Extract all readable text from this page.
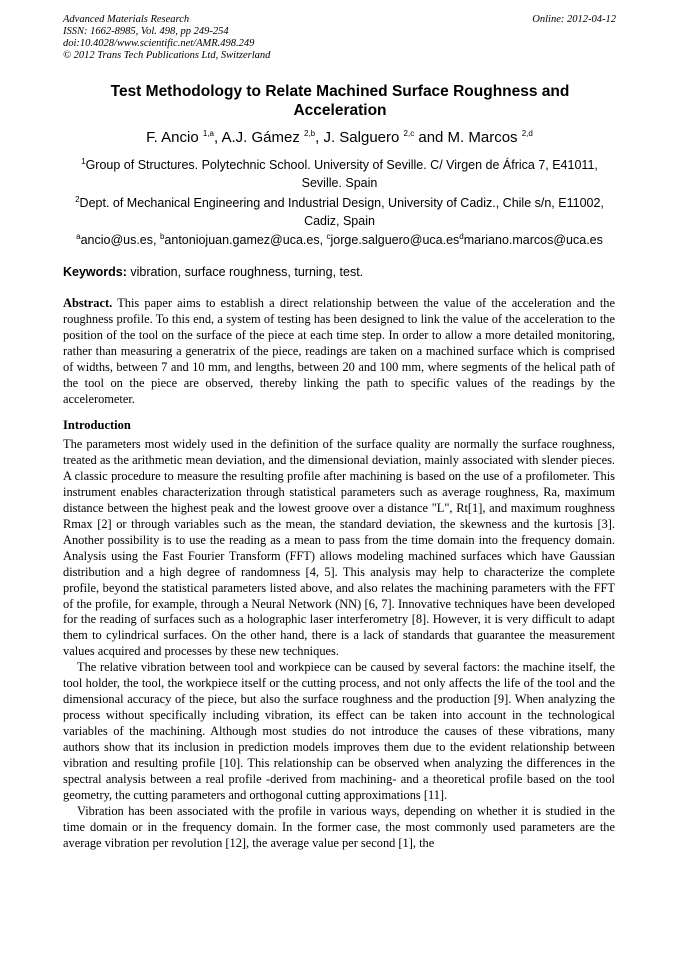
Advanced Materials Research
ISSN: 1662-8985, Vol. 498, pp 249-254
doi:10.4028/www.scientific.net/AMR.498.249
© 2012 Trans Tech Publications Ltd, Switzerland
Online: 2012-04-12
Test Methodology to Relate Machined Surface Roughness and
Acceleration
F. Ancio $^{1,a}$, A.J. Gámez $^{2,b}$, J. Salguero $^{2,c}$ and M. Marcos $^{2,d}$
$^1$Group of Structures. Polytechnic School. University of Seville. C/ Virgen de África 7, E41011,
Seville. Spain
$^2$Dept. of Mechanical Engineering and Industrial Design, University of Cadiz., Chile s/n, E11002,
Cadiz, Spain
$^a$ancio@us.es, $^b$antoniojuan.gamez@uca.es, $^cjorge.salguero@uca.es^dmariano.marcos@uca.es$
Keywords: vibration, surface roughness, turning, test.

Abstract. This paper aims to establish a direct relationship between the value of the acceleration and the roughness profile. To this end, a system of testing has been designed to link the value of the acceleration to the position of the tool on the surface of the piece at each time step. In order to allow a more detailed monitoring, rather than measuring a generatrix of the piece, readings are taken on a machined surface which is comprised of widths, between 7 and 10 mm, and lengths, between 20 and 100 mm, where segments of the helical path of the tool on the piece are observed, thereby linking the path to specific values of the readings by the accelerometer.

Introduction

The parameters most widely used in the definition of the surface quality are normally the surface roughness, treated as the arithmetic mean deviation, and the dimensional deviation, mainly associated with slender pieces. A classic procedure to measure the resulting profile after machining is based on the use of a profilometer. This instrument enables characterization through statistical parameters such as average roughness, Ra, maximum distance between the highest peak and the lowest groove over a distance "L", Rt[1], and maximum roughness Rmax [2] or through variables such as the mean, the standard deviation, the skewness and the kurtosis [3]. Another possibility is to use the reading as a mean to pass from the time domain into the frequency domain. Analysis using the Fast Fourier Transform (FFT) allows modeling machined surfaces which have Gaussian distribution and a high degree of randomness [4, 5]. This analysis may help to characterize the complete profile, beyond the statistical parameters listed above, and also relates the machining parameters with the FFT of the profile, for example, through a Neural Network (NN) [6, 7]. Innovative techniques have been developed for the reading of surfaces such as a holographic laser interferometry [8]. However, it is very difficult to adapt them to cylindrical surfaces. On the other hand, there is a lack of standards that guarantee the measurement values acquired and processes by these new techniques.

The relative vibration between tool and workpiece can be caused by several factors: the machine itself, the tool holder, the tool, the workpiece itself or the cutting process, and not only affects the life of the tool and the dimensional accuracy of the piece, but also the surface roughness and the production [9]. When analyzing the process without specifically including vibration, its effect can be taken into account in the technological variables of the machining. Although most studies do not introduce the causes of these vibrations, many authors show that its inclusion in prediction models improves them due to the evident relationship between vibration and resulting profile [10]. This relationship can be observed when analyzing the differences in the spectral analysis between a real profile -derived from machining- and a theoretical profile based on the tool geometry, the cutting parameters and orthogonal cutting approximations [11].

Vibration has been associated with the profile in various ways, depending on whether it is studied in the time domain or in the frequency domain. In the former case, the most commonly used parameters are the average vibration per revolution [12], the average value per second [1], the
